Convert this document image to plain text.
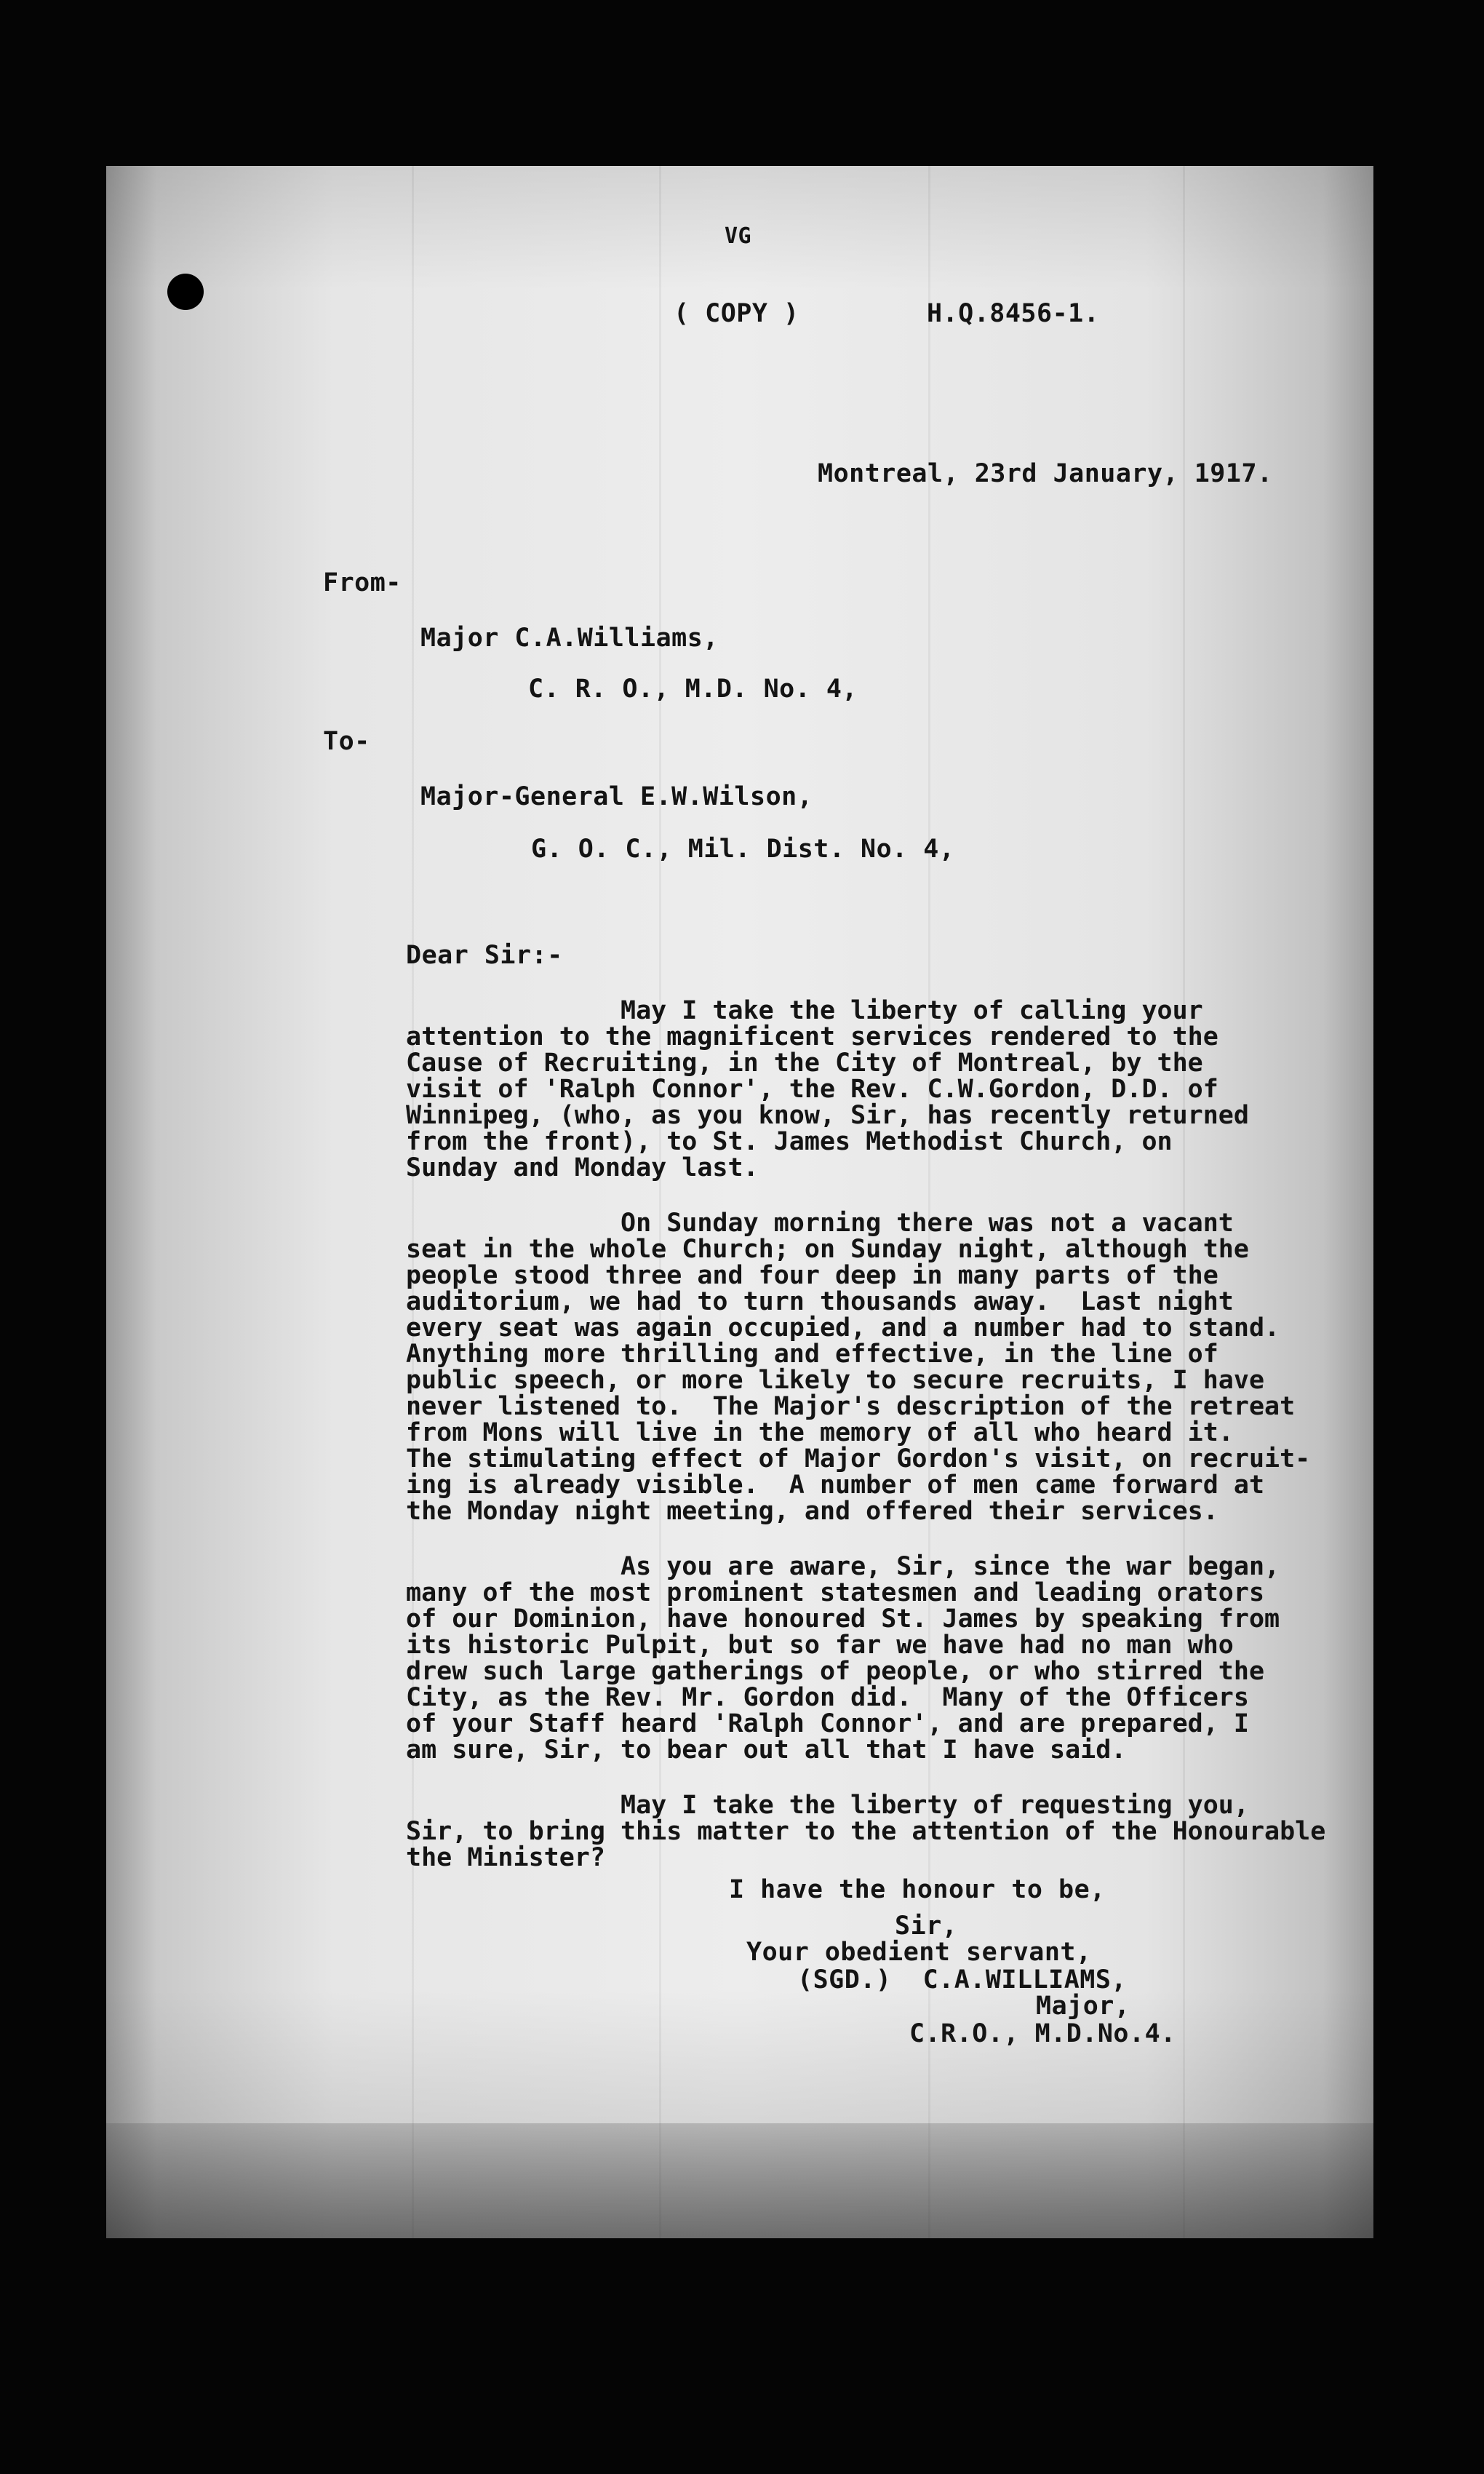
VG
( COPY )	H.Q.8456-1.
Montreal, 23rd January, 1917.
From-
Major C.A.Williams,
C. R. O., M.D. No. 4,
To-
Major-General E.W.Wilson,
G. O. C., Mil. Dist. No. 4,
Dear Sir:-
May I take the liberty of calling your
attention to the magnificent services rendered to the
Cause of Recruiting, in the City of Montreal, by the
visit of 'Ralph Connor', the Rev. C.W.Gordon, D.D. of
Winnipeg, (who, as you know, Sir, has recently returned
from the front), to St. James Methodist Church, on
Sunday and Monday last.
On Sunday morning there was not a vacant
seat in the whole Church; on Sunday night, although the
people stood three and four deep in many parts of the
auditorium, we had to turn thousands away.  Last night
every seat was again occupied, and a number had to stand.
Anything more thrilling and effective, in the line of
public speech, or more likely to secure recruits, I have
never listened to.  The Major's description of the retreat
from Mons will live in the memory of all who heard it.
The stimulating effect of Major Gordon's visit, on recruit-
ing is already visible.  A number of men came forward at
the Monday night meeting, and offered their services.
As you are aware, Sir, since the war began,
many of the most prominent statesmen and leading orators
of our Dominion, have honoured St. James by speaking from
its historic Pulpit, but so far we have had no man who
drew such large gatherings of people, or who stirred the
City, as the Rev. Mr. Gordon did.  Many of the Officers
of your Staff heard 'Ralph Connor', and are prepared, I
am sure, Sir, to bear out all that I have said.
May I take the liberty of requesting you,
Sir, to bring this matter to the attention of the Honourable
the Minister?
I have the honour to be,
Sir,
Your obedient servant,
(SGD.)  C.A.WILLIAMS,
Major,
C.R.O., M.D.No.4.
